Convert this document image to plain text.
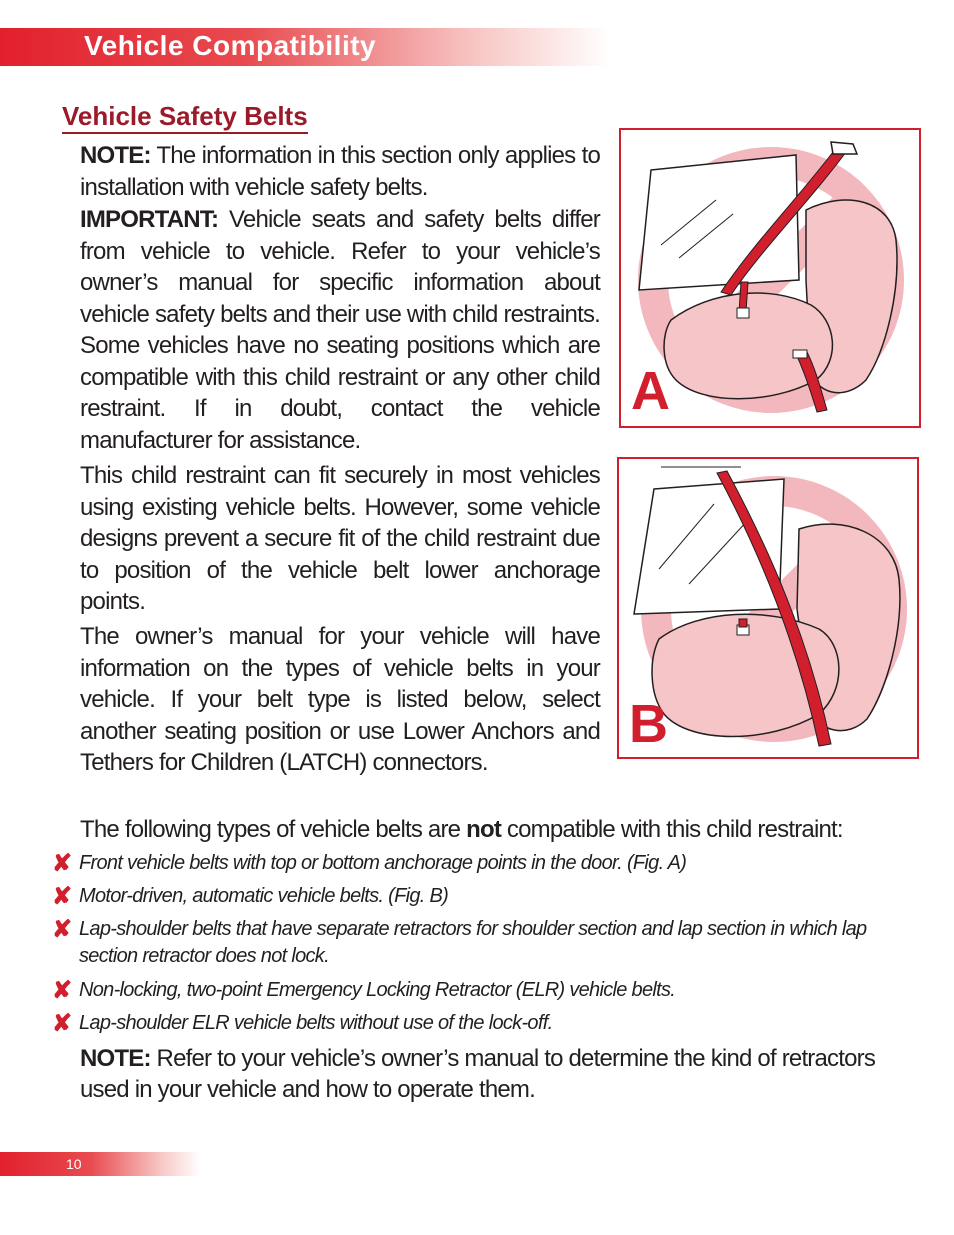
Vehicle Compatibility
Vehicle Safety Belts
NOTE: The information in this section only applies to installation with vehicle safety belts.
IMPORTANT: Vehicle seats and safety belts differ from vehicle to vehicle. Refer to your vehicle’s owner’s manual for specific information about vehicle safety belts and their use with child restraints. Some vehicles have no seating positions which are compatible with this child restraint or any other child restraint. If in doubt, contact the vehicle manufacturer for assistance.
This child restraint can fit securely in most vehicles using existing vehicle belts. However, some vehicle designs prevent a secure fit of the child restraint due to position of the vehicle belt lower anchorage points.
The owner’s manual for your vehicle will have information on the types of vehicle belts in your vehicle. If your belt type is listed below, select another seating position or use Lower Anchors and Tethers for Children (LATCH) connectors.
A
B
The following types of vehicle belts are not compatible with this child restraint:
✘ Front vehicle belts with top or bottom anchorage points in the door. (Fig. A)
✘ Motor-driven, automatic vehicle belts. (Fig. B)
✘ Lap-shoulder belts that have separate retractors for shoulder section and lap section in which lap section retractor does not lock.
✘ Non-locking, two-point Emergency Locking Retractor (ELR) vehicle belts.
✘ Lap-shoulder ELR vehicle belts without use of the lock-off.
NOTE: Refer to your vehicle’s owner’s manual to determine the kind of retractors used in your vehicle and how to operate them.
10
